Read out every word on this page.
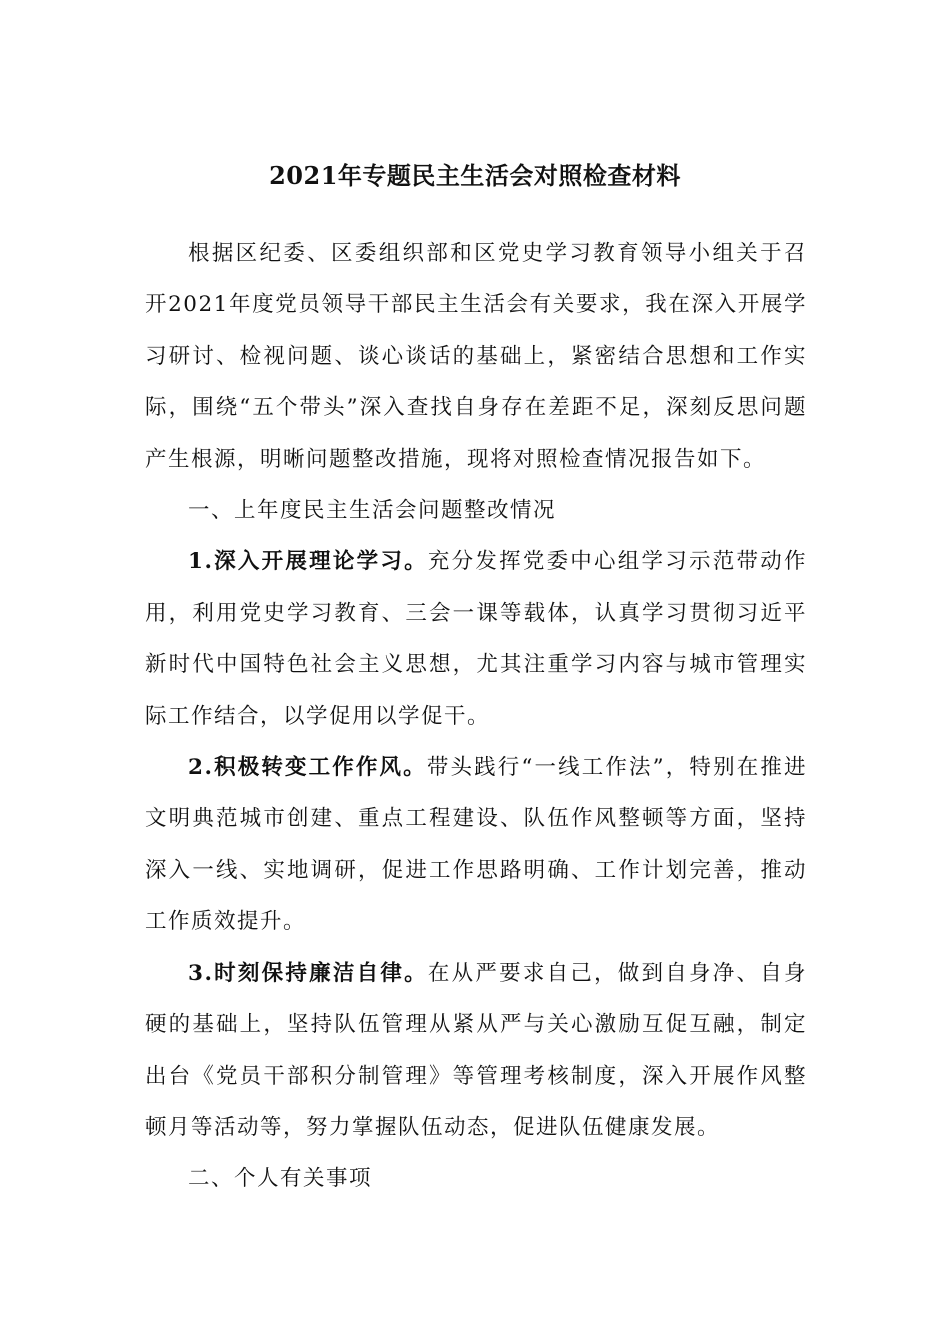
2021年专题民主生活会对照检查材料

根据区纪委、区委组织部和区党史学习教育领导小组关于召开2021年度党员领导干部民主生活会有关要求，我在深入开展学习研讨、检视问题、谈心谈话的基础上，紧密结合思想和工作实际，围绕“五个带头”深入查找自身存在差距不足，深刻反思问题产生根源，明晰问题整改措施，现将对照检查情况报告如下。

一、上年度民主生活会问题整改情况

1.深入开展理论学习。充分发挥党委中心组学习示范带动作用，利用党史学习教育、三会一课等载体，认真学习贯彻习近平新时代中国特色社会主义思想，尤其注重学习内容与城市管理实际工作结合，以学促用以学促干。

2.积极转变工作作风。带头践行“一线工作法”，特别在推进文明典范城市创建、重点工程建设、队伍作风整顿等方面，坚持深入一线、实地调研，促进工作思路明确、工作计划完善，推动工作质效提升。

3.时刻保持廉洁自律。在从严要求自己，做到自身净、自身硬的基础上，坚持队伍管理从紧从严与关心激励互促互融，制定出台《党员干部积分制管理》等管理考核制度，深入开展作风整顿月等活动等，努力掌握队伍动态，促进队伍健康发展。

二、个人有关事项
